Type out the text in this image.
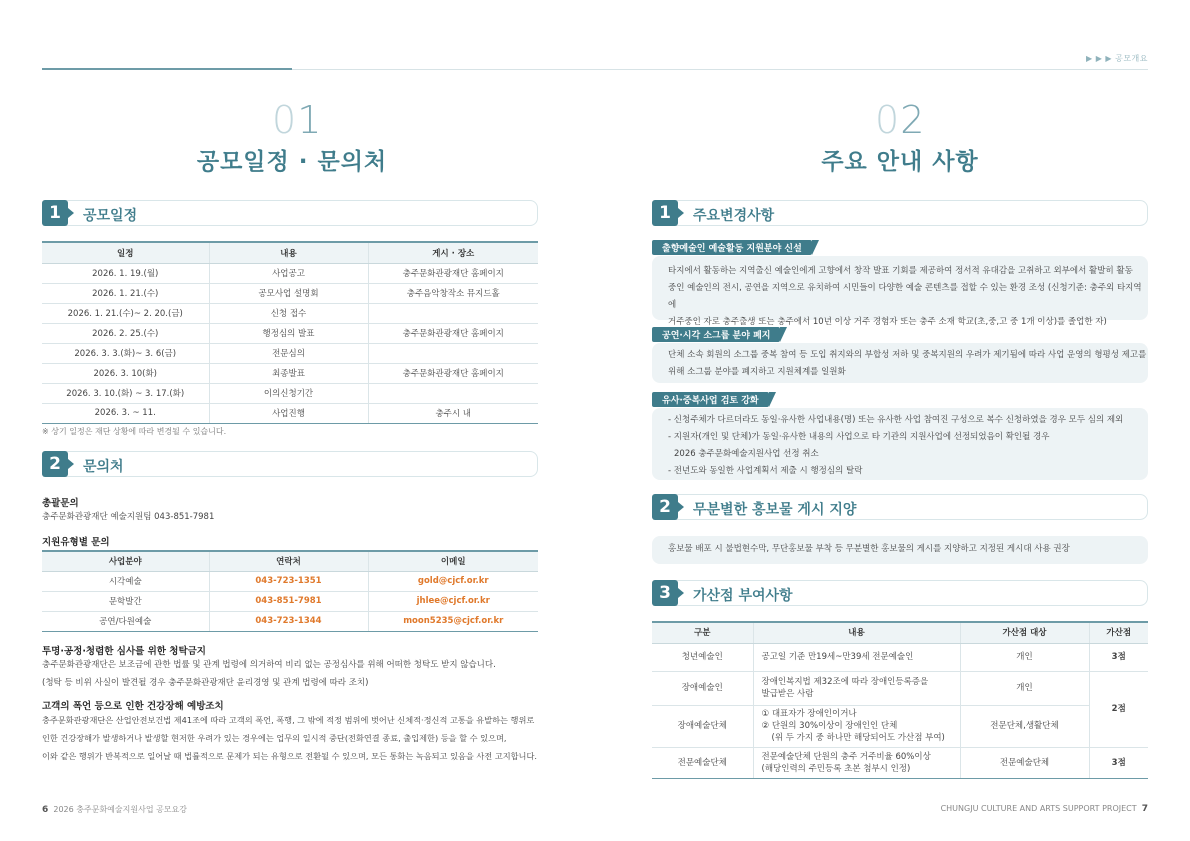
▶ ▶ ▶ 공모개요
01
공모일정 · 문의처
1	공모일정
일정	내용	게시 · 장소
2026. 1. 19.(월)	사업공고	충주문화관광재단 홈페이지
2026. 1. 21.(수)	공모사업 설명회	충주음악창작소 뮤지드홀
2026. 1. 21.(수)~ 2. 20.(금)	신청 접수	
2026. 2. 25.(수)	행정심의 발표	충주문화관광재단 홈페이지
2026. 3. 3.(화)~ 3. 6(금)	전문심의	
2026. 3. 10(화)	최종발표	충주문화관광재단 홈페이지
2026. 3. 10.(화) ~ 3. 17.(화)	이의신청기간	
2026. 3. ~ 11.	사업진행	충주시 내
※ 상기 일정은 재단 상황에 따라 변경될 수 있습니다.
2	문의처
총괄문의
충주문화관광재단 예술지원팀 043-851-7981
지원유형별 문의
사업분야	연락처	이메일
시각예술	043-723-1351	gold@cjcf.or.kr
문학발간	043-851-7981	jhlee@cjcf.or.kr
공연/다원예술	043-723-1344	moon5235@cjcf.or.kr
투명·공정·청렴한 심사를 위한 청탁금지
충주문화관광재단은 보조금에 관한 법률 및 관계 법령에 의거하여 비리 없는 공정심사를 위해 어떠한 청탁도 받지 않습니다.
(청탁 등 비위 사실이 발견될 경우 충주문화관광재단 윤리경영 및 관계 법령에 따라 조치)
고객의 폭언 등으로 인한 건강장해 예방조치
충주문화관광재단은 산업안전보건법 제41조에 따라 고객의 폭언, 폭행, 그 밖에 적정 범위에 벗어난 신체적·정신적 고통을 유발하는 행위로
인한 건강장해가 발생하거나 발생할 현저한 우려가 있는 경우에는 업무의 일시적 중단(전화연결 종료, 출입제한) 등을 할 수 있으며,
이와 같은 행위가 반복적으로 일어날 때 법률적으로 문제가 되는 유형으로 전환될 수 있으며, 모든 통화는 녹음되고 있음을 사전 고지합니다.
6 2026 충주문화예술지원사업 공모요강
02
주요 안내 사항
1	주요변경사항
타지에서 활동하는 지역출신 예술인에게 고향에서 창작 발표 기회를 제공하여 정서적 유대감을 고취하고 외부에서 활발히 활동
중인 예술인의 전시, 공연을 지역으로 유치하여 시민들이 다양한 예술 콘텐츠를 접할 수 있는 환경 조성 (신청기준: 충주외 타지역에
거주중인 자로 충주출생 또는 충주에서 10년 이상 거주 경험자 또는 충주 소재 학교(초,중,고 중 1개 이상)를 졸업한 자)
출향예술인 예술활동 지원분야 신설
단체 소속 회원의 소그룹 중복 참여 등 도입 취지와의 부합성 저하 및 중복지원의 우려가 제기됨에 따라 사업 운영의 형평성 제고를
위해 소그룹 분야를 폐지하고 지원체계를 일원화
공연·시각 소그룹 분야 폐지
- 신청주체가 다르더라도 동일·유사한 사업내용(명) 또는 유사한 사업 참여진 구성으로 복수 신청하였을 경우 모두 심의 제외
- 지원자(개인 및 단체)가 동일·유사한 내용의 사업으로 타 기관의 지원사업에 선정되었음이 확인될 경우
2026 충주문화예술지원사업 선정 취소
- 전년도와 동일한 사업계획서 제출 시 행정심의 탈락
유사·중복사업 검토 강화
2	무분별한 홍보물 게시 지양
홍보물 배포 시 불법현수막, 무단홍보물 부착 등 무분별한 홍보물의 게시를 지양하고 지정된 게시대 사용 권장
3	가산점 부여사항
구분	내용	가산점 대상	가산점
청년예술인	공고일 기준 만19세~만39세 전문예술인	개인	3점
장애예술인	장애인복지법 제32조에 따라 장애인등록증을
발급받은 사람	개인	2점
장애예술단체	① 대표자가 장애인이거나
② 단원의 30%이상이 장애인인 단체
(위 두 가지 중 하나만 해당되어도 가산점 부여)	전문단체,생활단체	
전문예술단체	전문예술단체 단원의 충주 거주비율 60%이상
(해당인력의 주민등록 초본 첨부시 인정)	전문예술단체	3점
CHUNGJU CULTURE AND ARTS SUPPORT PROJECT 7
